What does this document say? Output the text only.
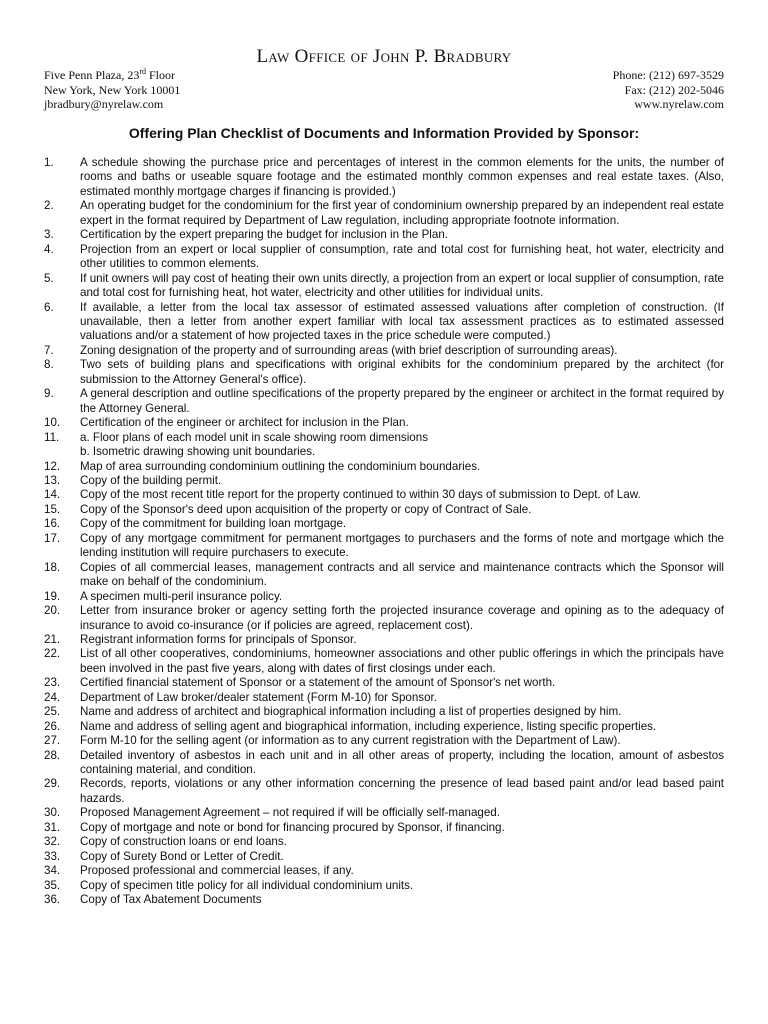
Law Office of John P. Bradbury
Five Penn Plaza, 23rd Floor
New York, New York 10001
jbradbury@nyrelaw.com
Phone: (212) 697-3529
Fax: (212) 202-5046
www.nyrelaw.com
Offering Plan Checklist of Documents and Information Provided by Sponsor:
1.	A schedule showing the purchase price and percentages of interest in the common elements for the units, the number of rooms and baths or useable square footage and the estimated monthly common expenses and real estate taxes. (Also, estimated monthly mortgage charges if financing is provided.)
2.	An operating budget for the condominium for the first year of condominium ownership prepared by an independent real estate expert in the format required by Department of Law regulation, including appropriate footnote information.
3.	Certification by the expert preparing the budget for inclusion in the Plan.
4.	Projection from an expert or local supplier of consumption, rate and total cost for furnishing heat, hot water, electricity and other utilities to common elements.
5.	If unit owners will pay cost of heating their own units directly, a projection from an expert or local supplier of consumption, rate and total cost for furnishing heat, hot water, electricity and other utilities for individual units.
6.	If available, a letter from the local tax assessor of estimated assessed valuations after completion of construction. (If unavailable, then a letter from another expert familiar with local tax assessment practices as to estimated assessed valuations and/or a statement of how projected taxes in the price schedule were computed.)
7.	Zoning designation of the property and of surrounding areas (with brief description of surrounding areas).
8.	Two sets of building plans and specifications with original exhibits for the condominium prepared by the architect (for submission to the Attorney General's office).
9.	A general description and outline specifications of the property prepared by the engineer or architect in the format required by the Attorney General.
10.	Certification of the engineer or architect for inclusion in the Plan.
11.	a. Floor plans of each model unit in scale showing room dimensions
b. Isometric drawing showing unit boundaries.
12.	Map of area surrounding condominium outlining the condominium boundaries.
13.	Copy of the building permit.
14.	Copy of the most recent title report for the property continued to within 30 days of submission to Dept. of Law.
15.	Copy of the Sponsor's deed upon acquisition of the property or copy of Contract of Sale.
16.	Copy of the commitment for building loan mortgage.
17.	Copy of any mortgage commitment for permanent mortgages to purchasers and the forms of note and mortgage which the lending institution will require purchasers to execute.
18.	Copies of all commercial leases, management contracts and all service and maintenance contracts which the Sponsor will make on behalf of the condominium.
19.	A specimen multi-peril insurance policy.
20.	Letter from insurance broker or agency setting forth the projected insurance coverage and opining as to the adequacy of insurance to avoid co-insurance (or if policies are agreed, replacement cost).
21.	Registrant information forms for principals of Sponsor.
22.	List of all other cooperatives, condominiums, homeowner associations and other public offerings in which the principals have been involved in the past five years, along with dates of first closings under each.
23.	Certified financial statement of Sponsor or a statement of the amount of Sponsor's net worth.
24.	Department of Law broker/dealer statement (Form M-10) for Sponsor.
25.	Name and address of architect and biographical information including a list of properties designed by him.
26.	Name and address of selling agent and biographical information, including experience, listing specific properties.
27.	Form M-10 for the selling agent (or information as to any current registration with the Department of Law).
28.	Detailed inventory of asbestos in each unit and in all other areas of property, including the location, amount of asbestos containing material, and condition.
29.	Records, reports, violations or any other information concerning the presence of lead based paint and/or lead based paint hazards.
30.	Proposed Management Agreement – not required if will be officially self-managed.
31.	Copy of mortgage and note or bond for financing procured by Sponsor, if financing.
32.	Copy of construction loans or end loans.
33.	Copy of Surety Bond or Letter of Credit.
34.	Proposed professional and commercial leases, if any.
35.	Copy of specimen title policy for all individual condominium units.
36.	Copy of Tax Abatement Documents
